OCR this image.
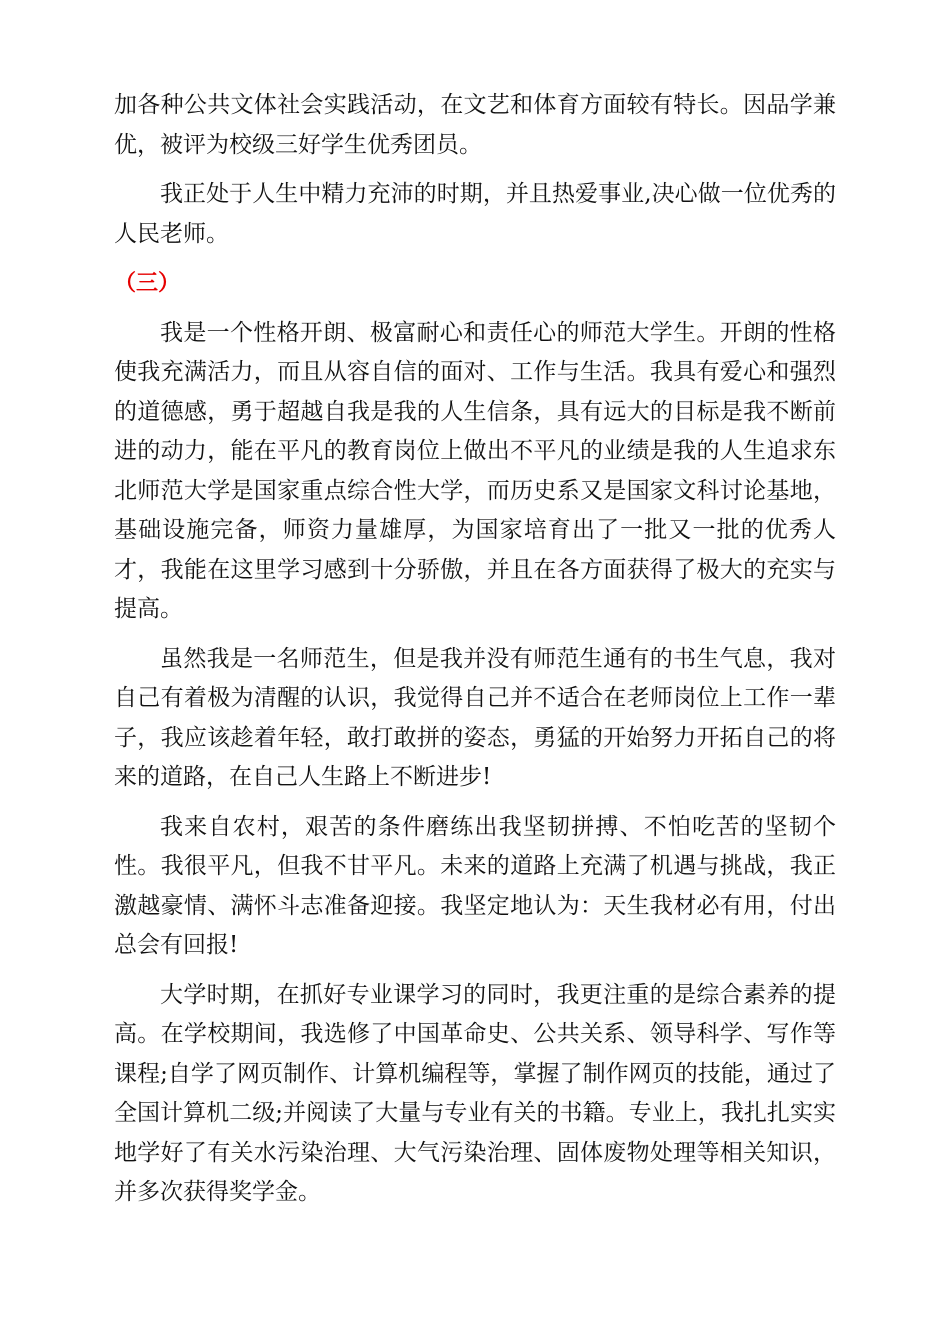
加各种公共文体社会实践活动，在文艺和体育方面较有特长。因品学兼优，被评为校级三好学生优秀团员。

我正处于人生中精力充沛的时期，并且热爱事业,决心做一位优秀的人民老师。

（三）

我是一个性格开朗、极富耐心和责任心的师范大学生。开朗的性格使我充满活力，而且从容自信的面对、工作与生活。我具有爱心和强烈的道德感，勇于超越自我是我的人生信条，具有远大的目标是我不断前进的动力，能在平凡的教育岗位上做出不平凡的业绩是我的人生追求东北师范大学是国家重点综合性大学，而历史系又是国家文科讨论基地，基础设施完备，师资力量雄厚，为国家培育出了一批又一批的优秀人才，我能在这里学习感到十分骄傲，并且在各方面获得了极大的充实与提高。

虽然我是一名师范生，但是我并没有师范生通有的书生气息，我对自己有着极为清醒的认识，我觉得自己并不适合在老师岗位上工作一辈子，我应该趁着年轻，敢打敢拼的姿态，勇猛的开始努力开拓自己的将来的道路，在自己人生路上不断进步!

我来自农村，艰苦的条件磨练出我坚韧拼搏、不怕吃苦的坚韧个性。我很平凡，但我不甘平凡。未来的道路上充满了机遇与挑战，我正激越豪情、满怀斗志准备迎接。我坚定地认为：天生我材必有用，付出总会有回报!

大学时期，在抓好专业课学习的同时，我更注重的是综合素养的提高。在学校期间，我选修了中国革命史、公共关系、领导科学、写作等课程;自学了网页制作、计算机编程等，掌握了制作网页的技能，通过了全国计算机二级;并阅读了大量与专业有关的书籍。专业上，我扎扎实实地学好了有关水污染治理、大气污染治理、固体废物处理等相关知识，并多次获得奖学金。
